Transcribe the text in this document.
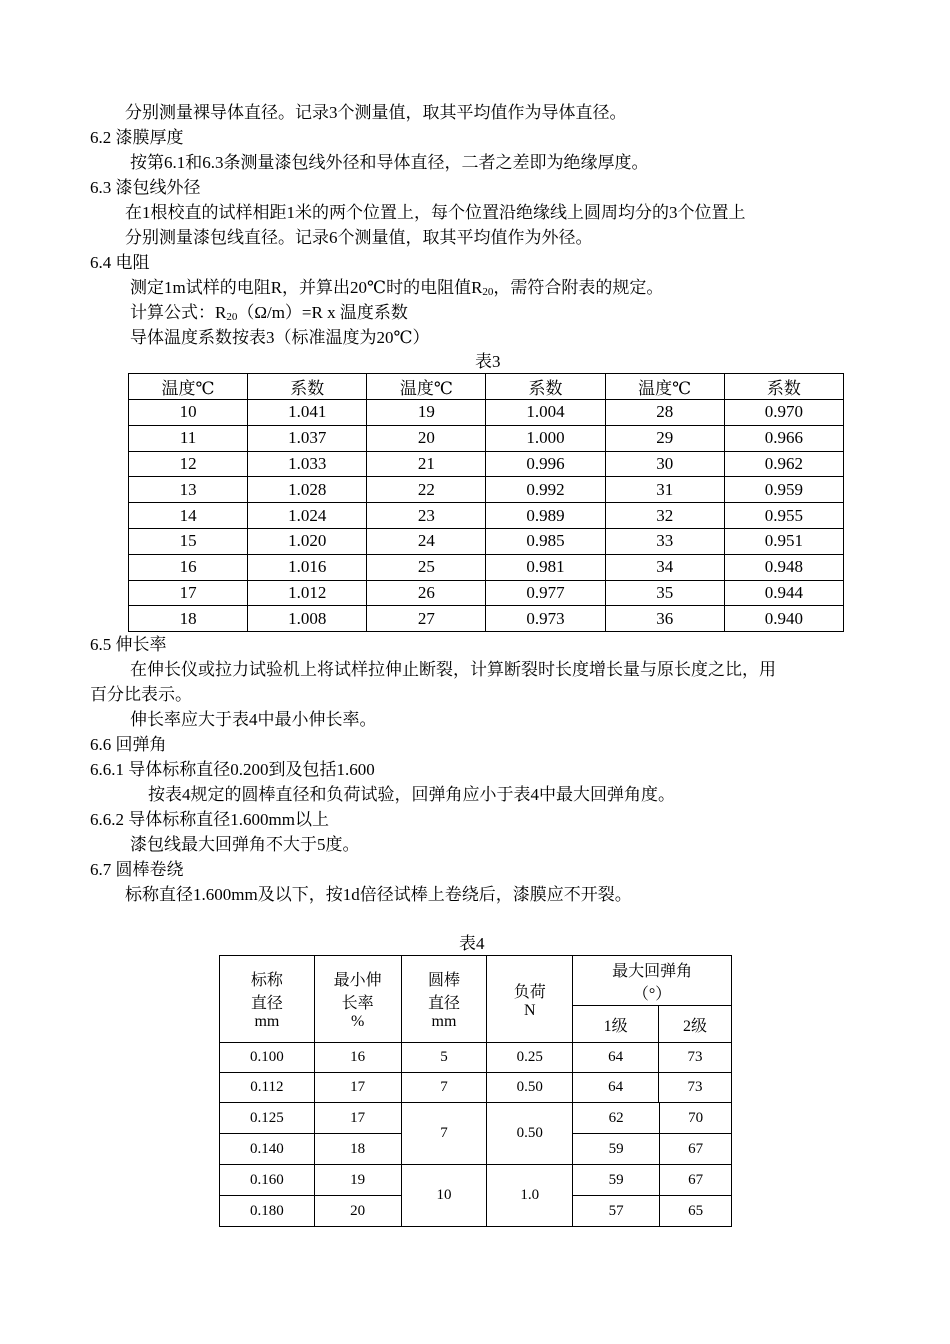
分别测量裸导体直径。记录3个测量值，取其平均值作为导体直径。
6.2 漆膜厚度
按第6.1和6.3条测量漆包线外径和导体直径，二者之差即为绝缘厚度。
6.3 漆包线外径
在1根校直的试样相距1米的两个位置上，每个位置沿绝缘线上圆周均分的3个位置上
分别测量漆包线直径。记录6个测量值，取其平均值作为外径。
6.4 电阻
测定1m试样的电阻R，并算出20℃时的电阻值$R_{20}$，需符合附表的规定。
计算公式：$R_{20}(\Omega/m)=R$ x 温度系数
导体温度系数按表3（标准温度为20℃）
表3
温度℃	系数	温度℃	系数	温度℃	系数
10	1.041	19	1.004	28	0.970
11	1.037	20	1.000	29	0.966
12	1.033	21	0.996	30	0.962
13	1.028	22	0.992	31	0.959
14	1.024	23	0.989	32	0.955
15	1.020	24	0.985	33	0.951
16	1.016	25	0.981	34	0.948
17	1.012	26	0.977	35	0.944
18	1.008	27	0.973	36	0.940
6.5 伸长率
在伸长仪或拉力试验机上将试样拉伸止断裂，计算断裂时长度增长量与原长度之比，用
百分比表示。
伸长率应大于表4中最小伸长率。
6.6 回弹角
6.6.1 导体标称直径0.200到及包括1.600
按表4规定的圆棒直径和负荷试验，回弹角应小于表4中最大回弹角度。
6.6.2 导体标称直径1.600mm以上
漆包线最大回弹角不大于5度。
6.7 圆棒卷绕
标称直径1.600mm及以下，按1d倍径试棒上卷绕后，漆膜应不开裂。
表4
标称
直径
mm	最小伸
长率
%	圆棒
直径
mm	负荷
N	最大回弹角
（°）	
				1级	2级
0.100	16	5	0.25	64	73
0.112	17	7	0.50	64	73
0.125	17	7	0.50	62 70	

0.140	18			59 67	

0.160	19	10	1.0	59 67	

0.180	20			57 65	
